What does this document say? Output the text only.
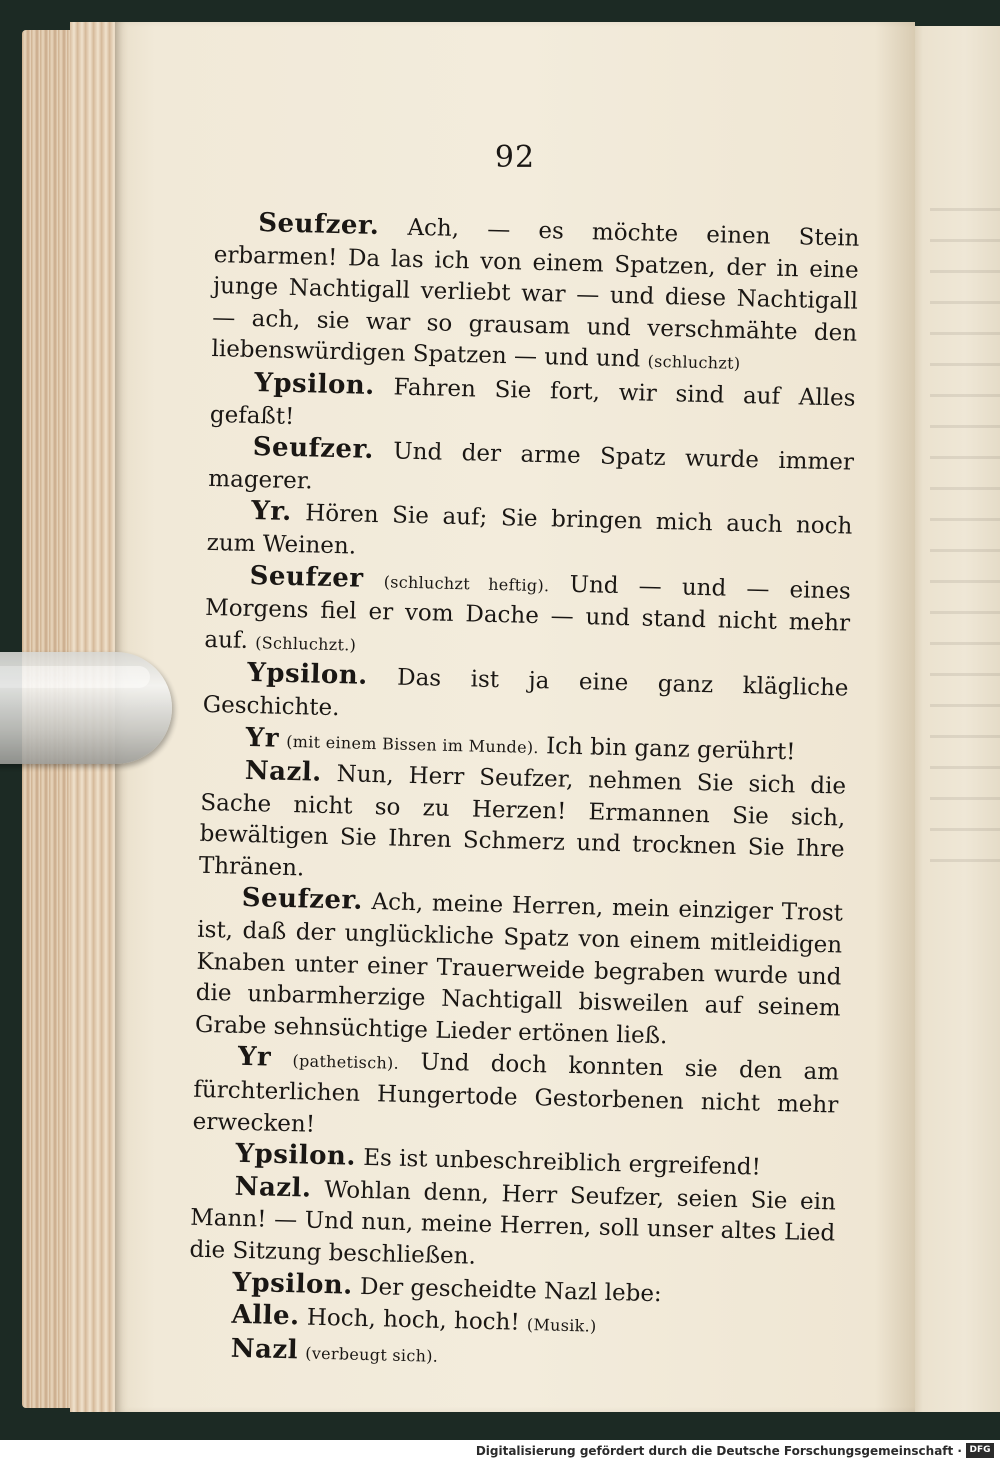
92

Seufzer. Ach, — es möchte einen Stein erbarmen! Da las ich von einem Spatzen, der in eine junge Nachtigall verliebt war — und diese Nachtigall — ach, sie war so grausam und verschmähte den liebenswürdigen Spatzen — und und (schluchzt)

Ypsilon. Fahren Sie fort, wir sind auf Alles gefaßt!

Seufzer. Und der arme Spatz wurde immer magerer.

Yr. Hören Sie auf; Sie bringen mich auch noch zum Weinen.

Seufzer (schluchzt heftig). Und — und — eines Morgens fiel er vom Dache — und stand nicht mehr auf. (Schluchzt.)

Ypsilon. Das ist ja eine ganz klägliche Geschichte.

Yr (mit einem Bissen im Munde). Ich bin ganz gerührt!

Nazl. Nun, Herr Seufzer, nehmen Sie sich die Sache nicht so zu Herzen! Ermannen Sie sich, bewältigen Sie Ihren Schmerz und trocknen Sie Ihre Thränen.

Seufzer. Ach, meine Herren, mein einziger Trost ist, daß der unglückliche Spatz von einem mitleidigen Knaben unter einer Trauerweide begraben wurde und die unbarmherzige Nachtigall bisweilen auf seinem Grabe sehnsüchtige Lieder ertönen ließ.

Yr (pathetisch). Und doch konnten sie den am fürchterlichen Hungertode Gestorbenen nicht mehr erwecken!

Ypsilon. Es ist unbeschreiblich ergreifend!

Nazl. Wohlan denn, Herr Seufzer, seien Sie ein Mann! — Und nun, meine Herren, soll unser altes Lied die Sitzung beschließen.

Ypsilon. Der gescheidte Nazl lebe:

Alle. Hoch, hoch, hoch! (Musik.)

Nazl (verbeugt sich).

Digitalisierung gefördert durch die Deutsche Forschungsgemeinschaft · DFG
